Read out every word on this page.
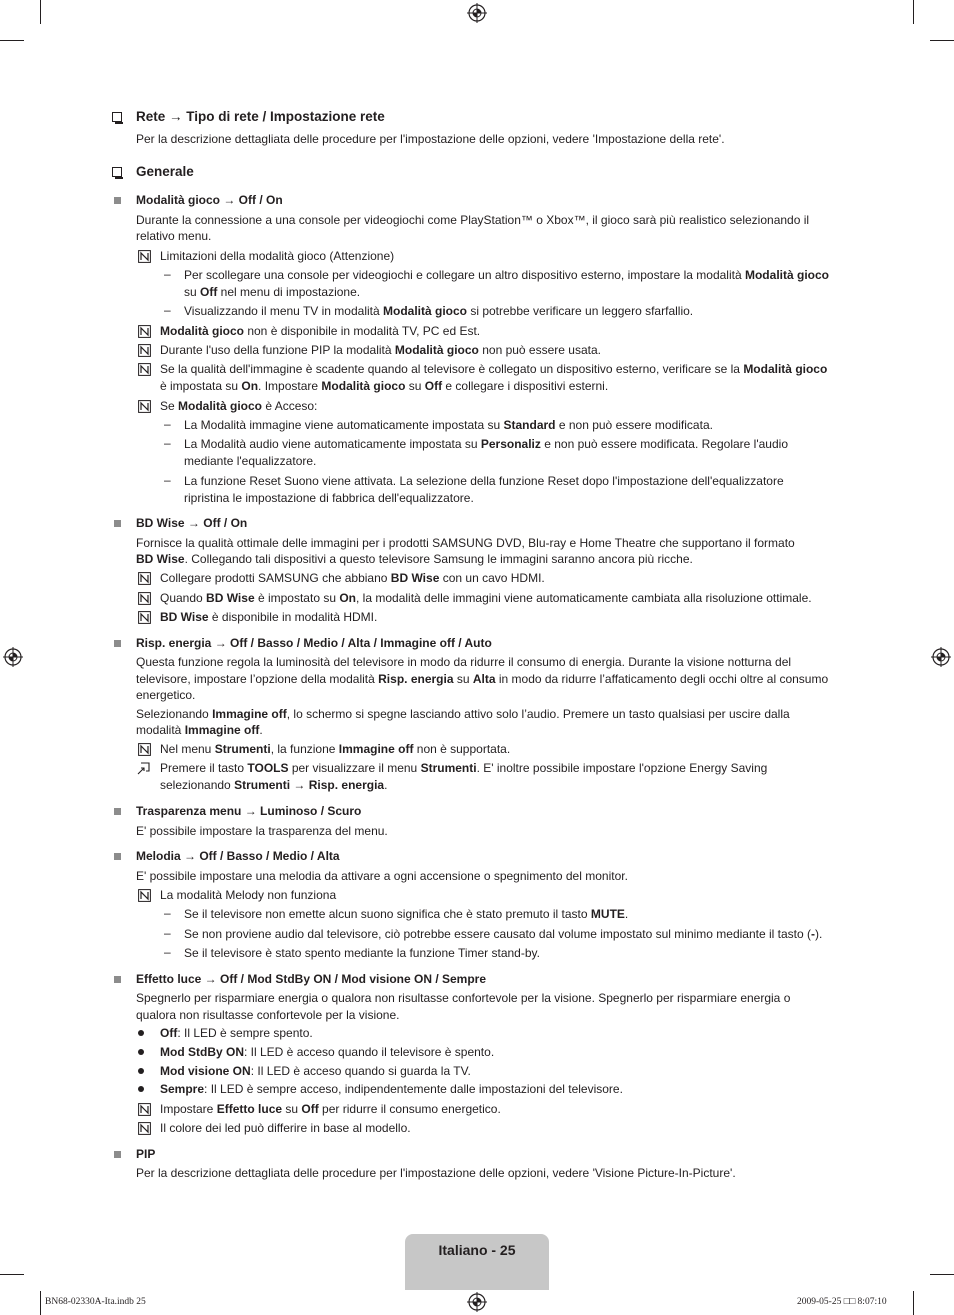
Rete → Tipo di rete / Impostazione rete
Per la descrizione dettagliata delle procedure per l'impostazione delle opzioni, vedere 'Impostazione della rete'.
Generale
Modalità gioco → Off / On
Durante la connessione a una console per videogiochi come PlayStation™ o Xbox™, il gioco sarà più realistico selezionando il
relativo menu.
Limitazioni della modalità gioco (Attenzione)
– Per scollegare una console per videogiochi e collegare un altro dispositivo esterno, impostare la modalità Modalità gioco
su Off nel menu di impostazione.
– Visualizzando il menu TV in modalità Modalità gioco si potrebbe verificare un leggero sfarfallio.
Modalità gioco non è disponibile in modalità TV, PC ed Est.
Durante l'uso della funzione PIP la modalità Modalità gioco non può essere usata.
Se la qualità dell'immagine è scadente quando al televisore è collegato un dispositivo esterno, verificare se la Modalità gioco
è impostata su On. Impostare Modalità gioco su Off e collegare i dispositivi esterni.
Se Modalità gioco è Acceso:
– La Modalità immagine viene automaticamente impostata su Standard e non può essere modificata.
– La Modalità audio viene automaticamente impostata su Personaliz e non può essere modificata. Regolare l'audio
mediante l'equalizzatore.
– La funzione Reset Suono viene attivata. La selezione della funzione Reset dopo l'impostazione dell'equalizzatore
ripristina le impostazione di fabbrica dell'equalizzatore.
BD Wise → Off / On
Fornisce la qualità ottimale delle immagini per i prodotti SAMSUNG DVD, Blu-ray e Home Theatre che supportano il formato
BD Wise. Collegando tali dispositivi a questo televisore Samsung le immagini saranno ancora più ricche.
Collegare prodotti SAMSUNG che abbiano BD Wise con un cavo HDMI.
Quando BD Wise è impostato su On, la modalità delle immagini viene automaticamente cambiata alla risoluzione ottimale.
BD Wise è disponibile in modalità HDMI.
Risp. energia → Off / Basso / Medio / Alta / Immagine off / Auto
Questa funzione regola la luminosità del televisore in modo da ridurre il consumo di energia. Durante la visione notturna del
televisore, impostare l’opzione della modalità Risp. energia su Alta in modo da ridurre l’affaticamento degli occhi oltre al consumo
energetico.
Selezionando Immagine off, lo schermo si spegne lasciando attivo solo l’audio. Premere un tasto qualsiasi per uscire dalla
modalità Immagine off.
Nel menu Strumenti, la funzione Immagine off non è supportata.
Premere il tasto TOOLS per visualizzare il menu Strumenti. E' inoltre possibile impostare l'opzione Energy Saving
selezionando Strumenti → Risp. energia.
Trasparenza menu → Luminoso / Scuro
E' possibile impostare la trasparenza del menu.
Melodia → Off / Basso / Medio / Alta
E' possibile impostare una melodia da attivare a ogni accensione o spegnimento del monitor.
La modalità Melody non funziona
– Se il televisore non emette alcun suono significa che è stato premuto il tasto MUTE.
– Se non proviene audio dal televisore, ciò potrebbe essere causato dal volume impostato sul minimo mediante il tasto (-).
– Se il televisore è stato spento mediante la funzione Timer stand-by.
Effetto luce → Off / Mod StdBy ON / Mod visione ON / Sempre
Spegnerlo per risparmiare energia o qualora non risultasse confortevole per la visione. Spegnerlo per risparmiare energia o
qualora non risultasse confortevole per la visione.
Off: Il LED è sempre spento.
Mod StdBy ON: Il LED è acceso quando il televisore è spento.
Mod visione ON: Il LED è acceso quando si guarda la TV.
Sempre: Il LED è sempre acceso, indipendentemente dalle impostazioni del televisore.
Impostare Effetto luce su Off per ridurre il consumo energetico.
Il colore dei led può differire in base al modello.
PIP
Per la descrizione dettagliata delle procedure per l'impostazione delle opzioni, vedere 'Visione Picture-In-Picture'.
Italiano - 25
BN68-02330A-Ita.indb 25	2009-05-25 □□ 8:07:10
